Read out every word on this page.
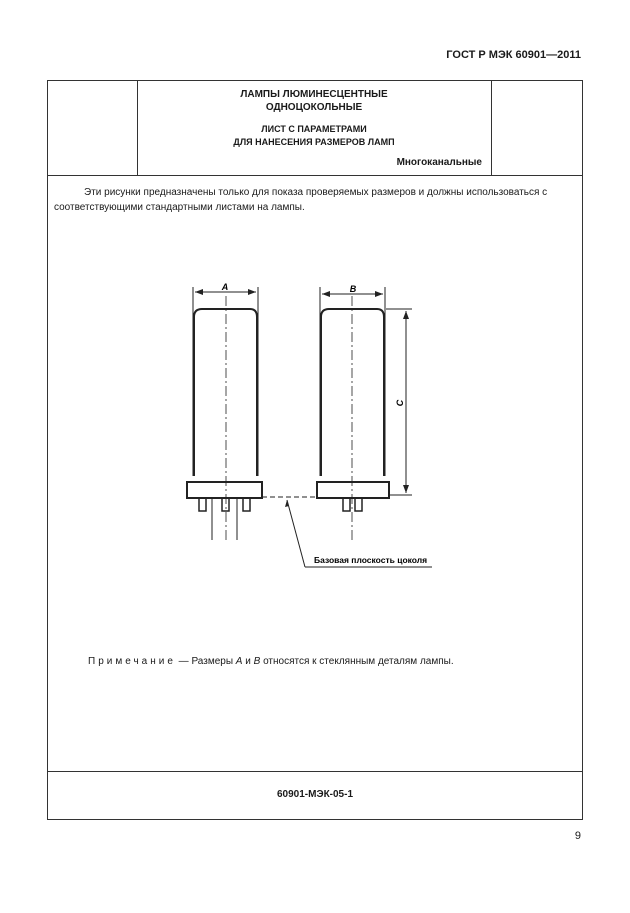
ГОСТ Р МЭК 60901—2011
ЛАМПЫ ЛЮМИНЕСЦЕНТНЫЕ
ОДНОЦОКОЛЬНЫЕ
ЛИСТ С ПАРАМЕТРАМИ
ДЛЯ НАНЕСЕНИЯ РАЗМЕРОВ ЛАМП
Многоканальные
Эти рисунки предназначены только для показа проверяемых размеров и должны использоваться с соответствующими стандартными листами на лампы.
Примечание — Размеры A и B относятся к стеклянным деталям лампы.
60901-МЭК-05-1
A	B
C
Базовая плоскость цоколя
9
